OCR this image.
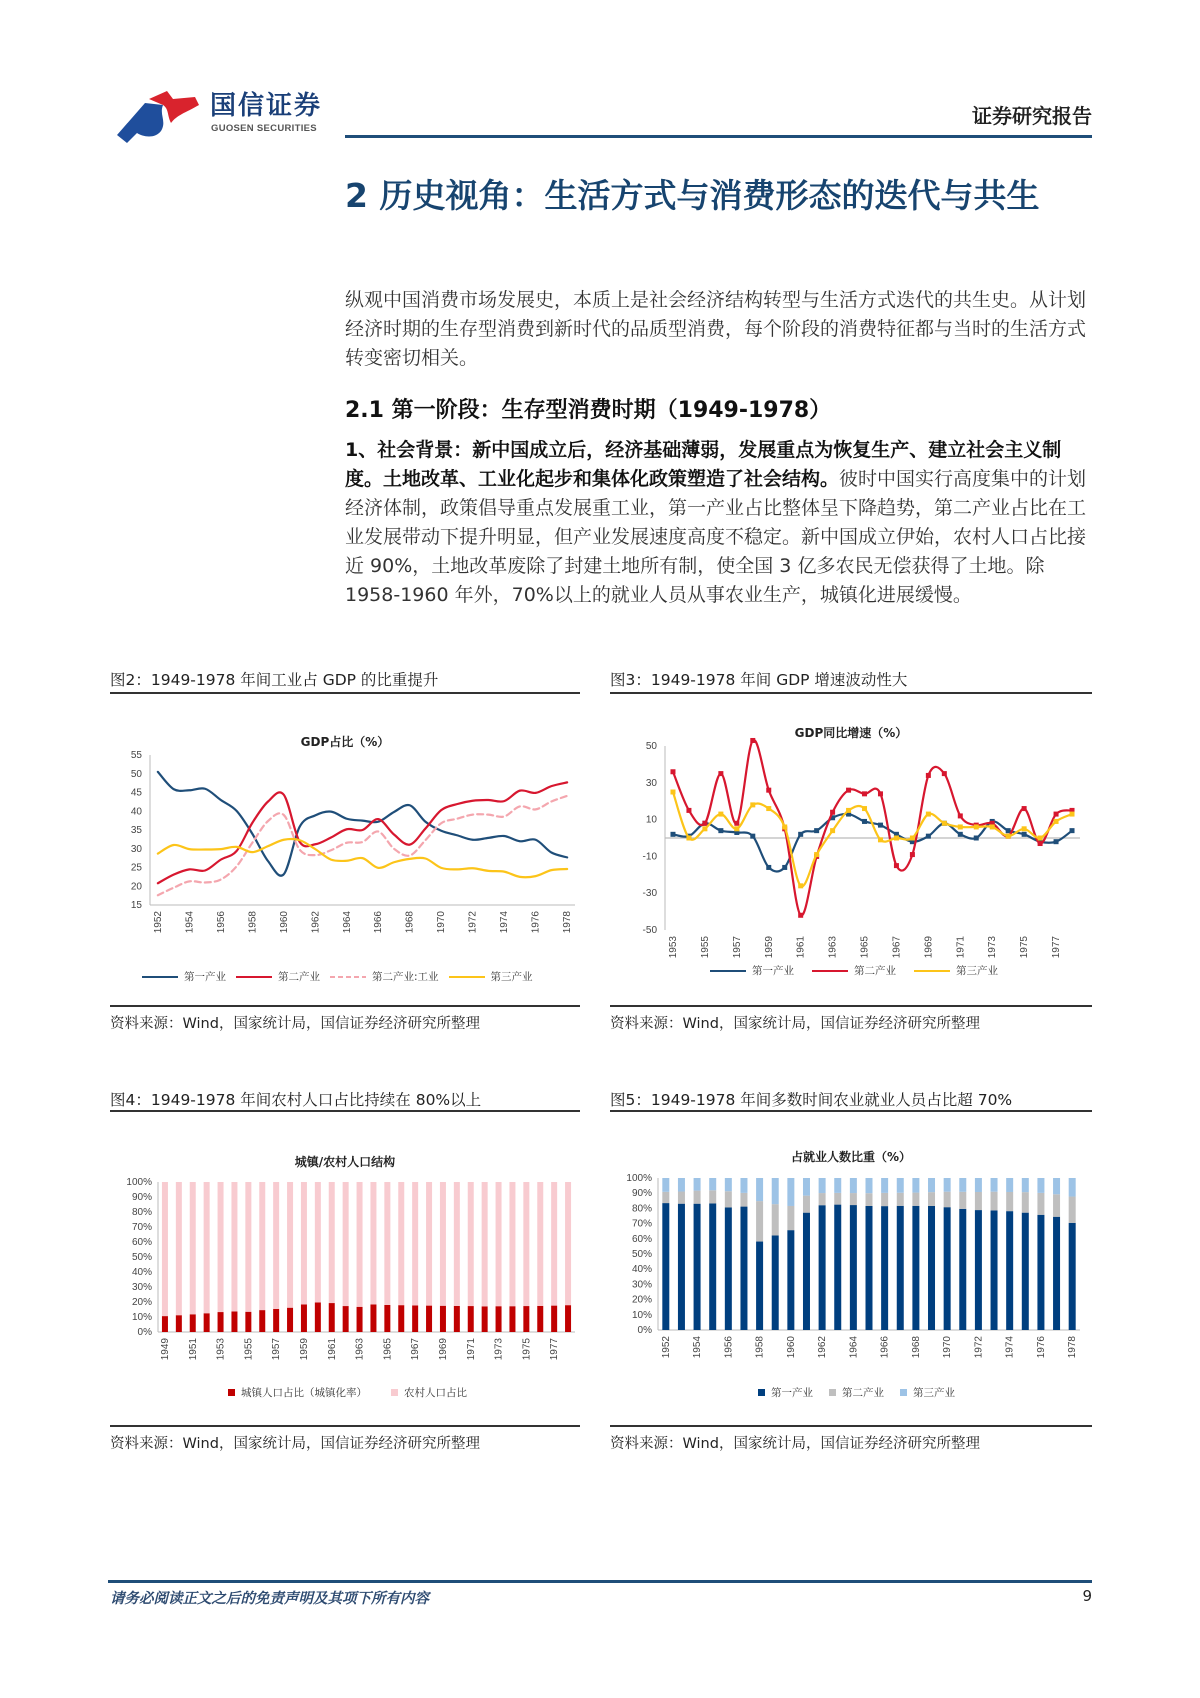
国信证券
GUOSEN SECURITIES
证券研究报告
2 历史视角：生活方式与消费形态的迭代与共生
纵观中国消费市场发展史，本质上是社会经济结构转型与生活方式迭代的共生史。从计划经济时期的生存型消费到新时代的品质型消费，每个阶段的消费特征都与当时的生活方式转变密切相关。
2.1 第一阶段：生存型消费时期（1949-1978）
1、社会背景：新中国成立后，经济基础薄弱，发展重点为恢复生产、建立社会主义制度。土地改革、工业化起步和集体化政策塑造了社会结构。彼时中国实行高度集中的计划经济体制，政策倡导重点发展重工业，第一产业占比整体呈下降趋势，第二产业占比在工业发展带动下提升明显，但产业发展速度高度不稳定。新中国成立伊始，农村人口占比接近 90%，土地改革废除了封建土地所有制，使全国 3 亿多农民无偿获得了土地。除 1958-1960 年外，70%以上的就业人员从事农业生产，城镇化进展缓慢。
图2：1949-1978 年间工业占 GDP 的比重提升
GDP占比（%）
15
20
25
30
35
40
45
50
55
1952 1954 1956 1958 1960 1962 1964 1966 1968 1970 1972 1974 1976 1978
第一产业	第二产业	第二产业:工业	第三产业
资料来源：Wind，国家统计局，国信证券经济研究所整理
图3：1949-1978 年间 GDP 增速波动性大
GDP同比增速（%）
-50
-30
-10
10
30
50
1953 1955 1957 1959 1961 1963 1965 1967 1969 1971 1973 1975 1977
第一产业	第二产业	第三产业
资料来源：Wind，国家统计局，国信证券经济研究所整理
图4：1949-1978 年间农村人口占比持续在 80%以上
城镇/农村人口结构
0%
10%
20%
30%
40%
50%
60%
70%
80%
90%
100%
1949 1951 1953 1955 1957 1959 1961 1963 1965 1967 1969 1971 1973 1975 1977
城镇人口占比（城镇化率）	农村人口占比
资料来源：Wind，国家统计局，国信证券经济研究所整理
图5：1949-1978 年间多数时间农业就业人员占比超 70%
占就业人数比重（%）
0%
10%
20%
30%
40%
50%
60%
70%
80%
90%
100%
1952 1954 1956 1958 1960 1962 1964 1966 1968 1970 1972 1974 1976 1978
第一产业	第二产业	第三产业
资料来源：Wind，国家统计局，国信证券经济研究所整理
请务必阅读正文之后的免责声明及其项下所有内容	9
